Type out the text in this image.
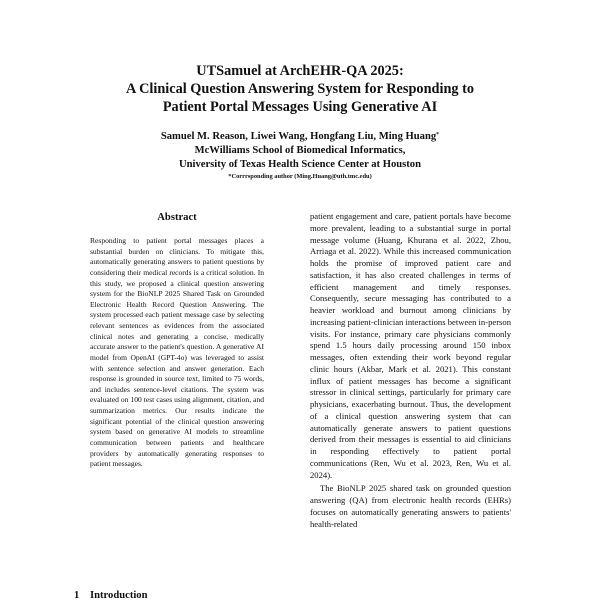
UTSamuel at ArchEHR-QA 2025:
A Clinical Question Answering System for Responding to
Patient Portal Messages Using Generative AI
Samuel M. Reason, Liwei Wang, Hongfang Liu, Ming Huang*
McWilliams School of Biomedical Informatics,
University of Texas Health Science Center at Houston
*Corrrsponding author (Ming.Huang@uth.tmc.edu)
Abstract

Responding to patient portal messages places a substantial burden on clinicians. To mitigate this, automatically generating answers to patient questions by considering their medical records is a critical solution. In this study, we proposed a clinical question answering system for the BioNLP 2025 Shared Task on Grounded Electronic Health Record Question Answering. The system processed each patient message case by selecting relevant sentences as evidences from the associated clinical notes and generating a concise, medically accurate answer to the patient's question. A generative AI model from OpenAI (GPT-4o) was leveraged to assist with sentence selection and answer generation. Each response is grounded in source text, limited to 75 words, and includes sentence-level citations. The system was evaluated on 100 test cases using alignment, citation, and summarization metrics. Our results indicate the significant potential of the clinical question answering system based on generative AI models to streamline communication between patients and healthcare providers by automatically generating responses to patient messages.

1 Introduction

patient engagement and care, patient portals have become more prevalent, leading to a substantial surge in portal message volume (Huang, Khurana et al. 2022, Zhou, Arriaga et al. 2022). While this increased communication holds the promise of improved patient care and satisfaction, it has also created challenges in terms of efficient management and timely responses. Consequently, secure messaging has contributed to a heavier workload and burnout among clinicians by increasing patient-clinician interactions between in-person visits. For instance, primary care physicians commonly spend 1.5 hours daily processing around 150 inbox messages, often extending their work beyond regular clinic hours (Akbar, Mark et al. 2021). This constant influx of patient messages has become a significant stressor in clinical settings, particularly for primary care physicians, exacerbating burnout. Thus, the development of a clinical question answering system that can automatically generate answers to patient questions derived from their messages is essential to aid clinicians in responding effectively to patient portal communications (Ren, Wu et al. 2023, Ren, Wu et al. 2024).

The BioNLP 2025 shared task on grounded question answering (QA) from electronic health records (EHRs) focuses on automatically generating answers to patients' health-related
